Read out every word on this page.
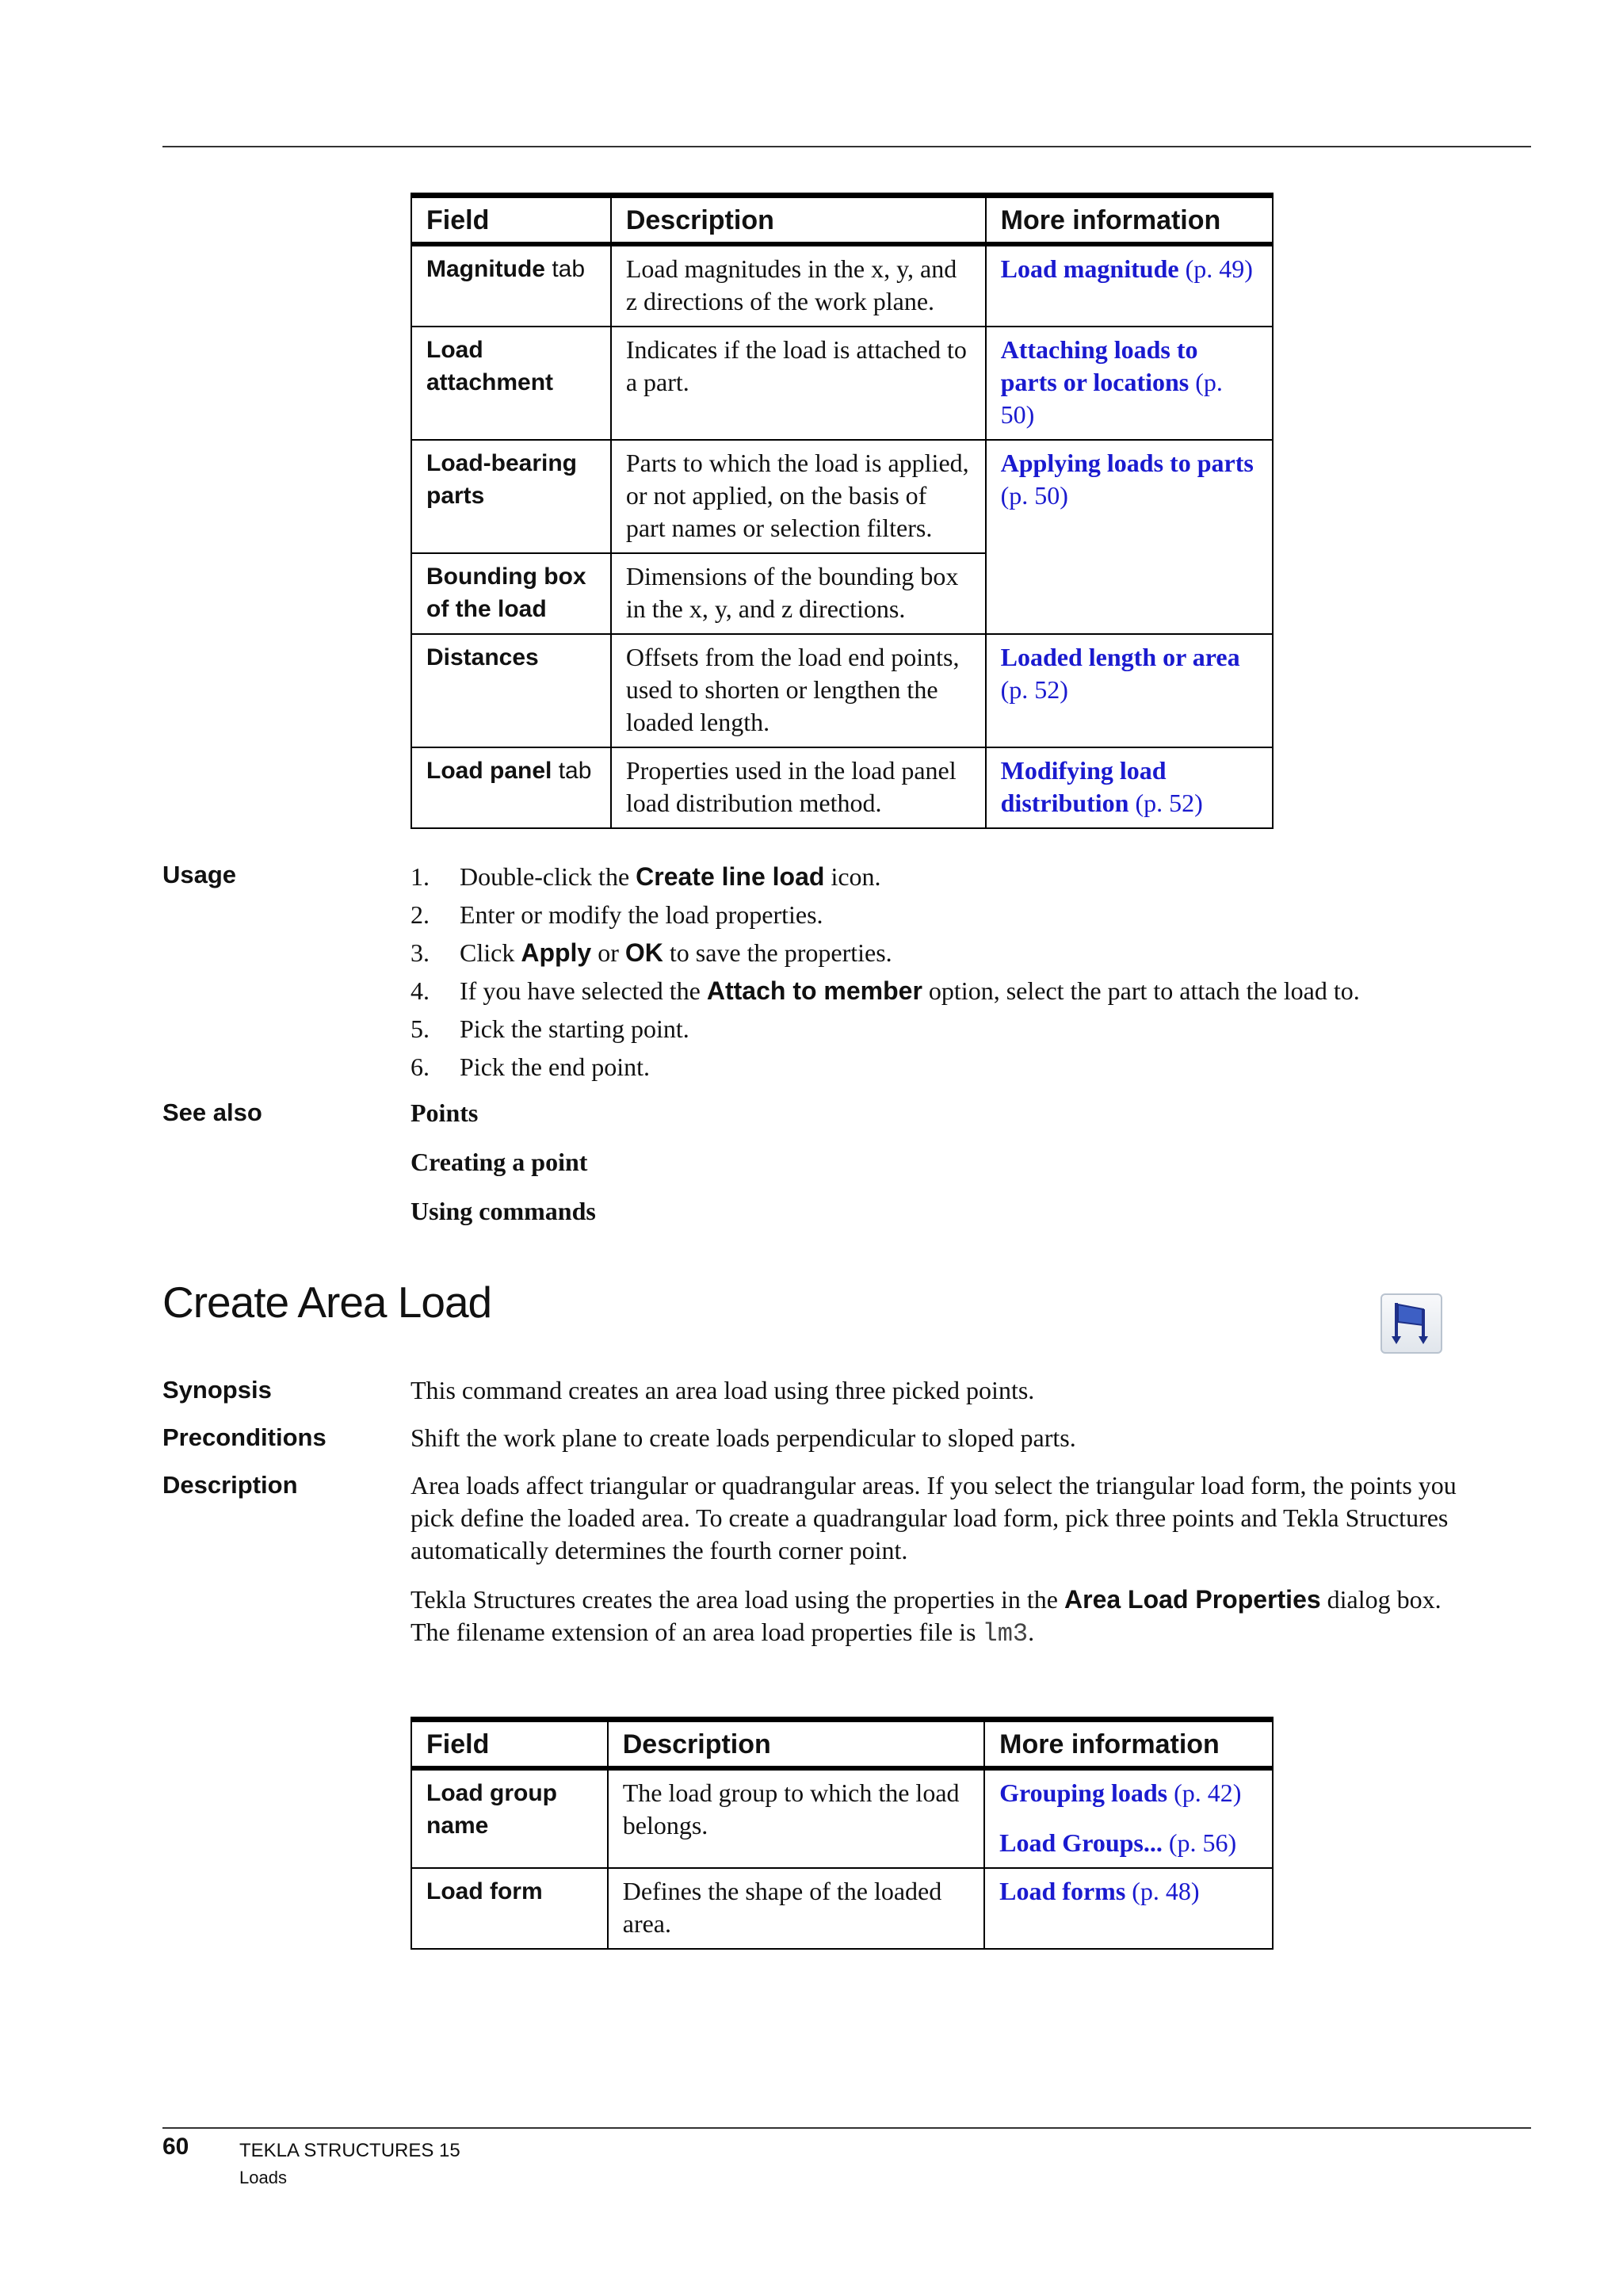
Field	Description	More information
Magnitude tab	Load magnitudes in the x, y, and z directions of the work plane.	Load magnitude (p. 49)
Load attachment	Indicates if the load is attached to a part.	Attaching loads to parts or locations (p. 50)
Load-bearing parts	Parts to which the load is applied, or not applied, on the basis of part names or selection filters.	Applying loads to parts (p. 50)
Bounding box of the load	Dimensions of the bounding box in the x, y, and z directions.	
Distances	Offsets from the load end points, used to shorten or lengthen the loaded length.	Loaded length or area (p. 52)
Load panel tab	Properties used in the load panel load distribution method.	Modifying load distribution (p. 52)

Usage	1.	Double-click the Create line load icon.
2.	Enter or modify the load properties.
3.	Click Apply or OK to save the properties.
4.	If you have selected the Attach to member option, select the part to attach the load to.
5.	Pick the starting point.
6.	Pick the end point.

See also	Points

Creating a point

Using commands

Create Area Load

Synopsis	This command creates an area load using three picked points.

Preconditions	Shift the work plane to create loads perpendicular to sloped parts.

Description	Area loads affect triangular or quadrangular areas. If you select the triangular load form, the points you pick define the loaded area. To create a quadrangular load form, pick three points and Tekla Structures automatically determines the fourth corner point.

Tekla Structures creates the area load using the properties in the Area Load Properties dialog box. The filename extension of an area load properties file is lm3.

Field	Description	More information
Load group name	The load group to which the load belongs.	Grouping loads (p. 42)

Load Groups... (p. 56)

Load form	Defines the shape of the loaded area.	Load forms (p. 48)
60	TEKLA STRUCTURES 15
Loads
